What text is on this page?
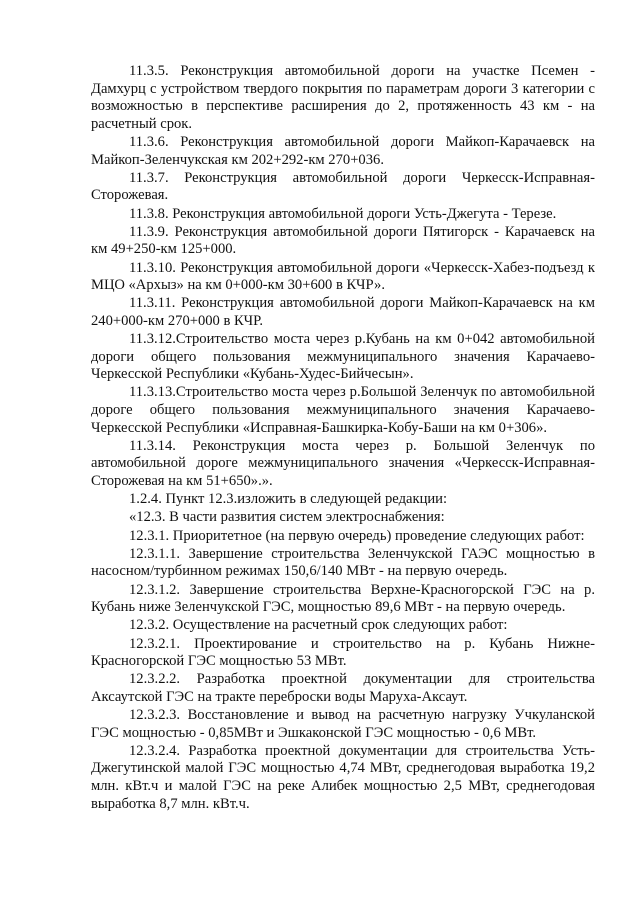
11.3.5. Реконструкция автомобильной дороги на участке Псемен - Дамхурц с устройством твердого покрытия по параметрам дороги 3 категории с возможностью в перспективе расширения до 2, протяженность 43 км - на расчетный срок.

11.3.6. Реконструкция автомобильной дороги Майкоп-Карачаевск на Майкоп-Зеленчукская км 202+292-км 270+036.

11.3.7. Реконструкция автомобильной дороги Черкесск-Исправная-Сторожевая.

11.3.8. Реконструкция автомобильной дороги Усть-Джегута - Терезе.

11.3.9. Реконструкция автомобильной дороги Пятигорск - Карачаевск на км 49+250-км 125+000.

11.3.10. Реконструкция автомобильной дороги «Черкесск-Хабез-подъезд к МЦО «Архыз» на км 0+000-км 30+600 в КЧР».

11.3.11. Реконструкция автомобильной дороги Майкоп-Карачаевск на км 240+000-км 270+000 в КЧР.

11.3.12.Строительство моста через р.Кубань на км 0+042 автомобильной дороги общего пользования межмуниципального значения Карачаево-Черкесской Республики «Кубань-Худес-Бийчесын».

11.3.13.Строительство моста через р.Большой Зеленчук по автомобильной дороге общего пользования межмуниципального значения Карачаево-Черкесской Республики «Исправная-Башкирка-Кобу-Баши на км 0+306».

11.3.14. Реконструкция моста через р. Большой Зеленчук по автомобильной дороге межмуниципального значения «Черкесск-Исправная-Сторожевая на км 51+650».».

1.2.4. Пункт 12.3.изложить в следующей редакции:

«12.3. В части развития систем электроснабжения:

12.3.1. Приоритетное (на первую очередь) проведение следующих работ:

12.3.1.1. Завершение строительства Зеленчукской ГАЭС мощностью в насосном/турбинном режимах 150,6/140 МВт - на первую очередь.

12.3.1.2. Завершение строительства Верхне-Красногорской ГЭС на р. Кубань ниже Зеленчукской ГЭС, мощностью 89,6 МВт - на первую очередь.

12.3.2. Осуществление на расчетный срок следующих работ:

12.3.2.1. Проектирование и строительство на р. Кубань Нижне-Красногорской ГЭС мощностью 53 МВт.

12.3.2.2. Разработка проектной документации для строительства Аксаутской ГЭС на тракте переброски воды Маруха-Аксаут.

12.3.2.3. Восстановление и вывод на расчетную нагрузку Учкуланской ГЭС мощностью - 0,85МВт и Эшкаконской ГЭС мощностью - 0,6 МВт.

12.3.2.4. Разработка проектной документации для строительства Усть-Джегутинской малой ГЭС мощностью 4,74 МВт, среднегодовая выработка 19,2 млн. кВт.ч и малой ГЭС на реке Алибек мощностью 2,5 МВт, среднегодовая выработка 8,7 млн. кВт.ч.
